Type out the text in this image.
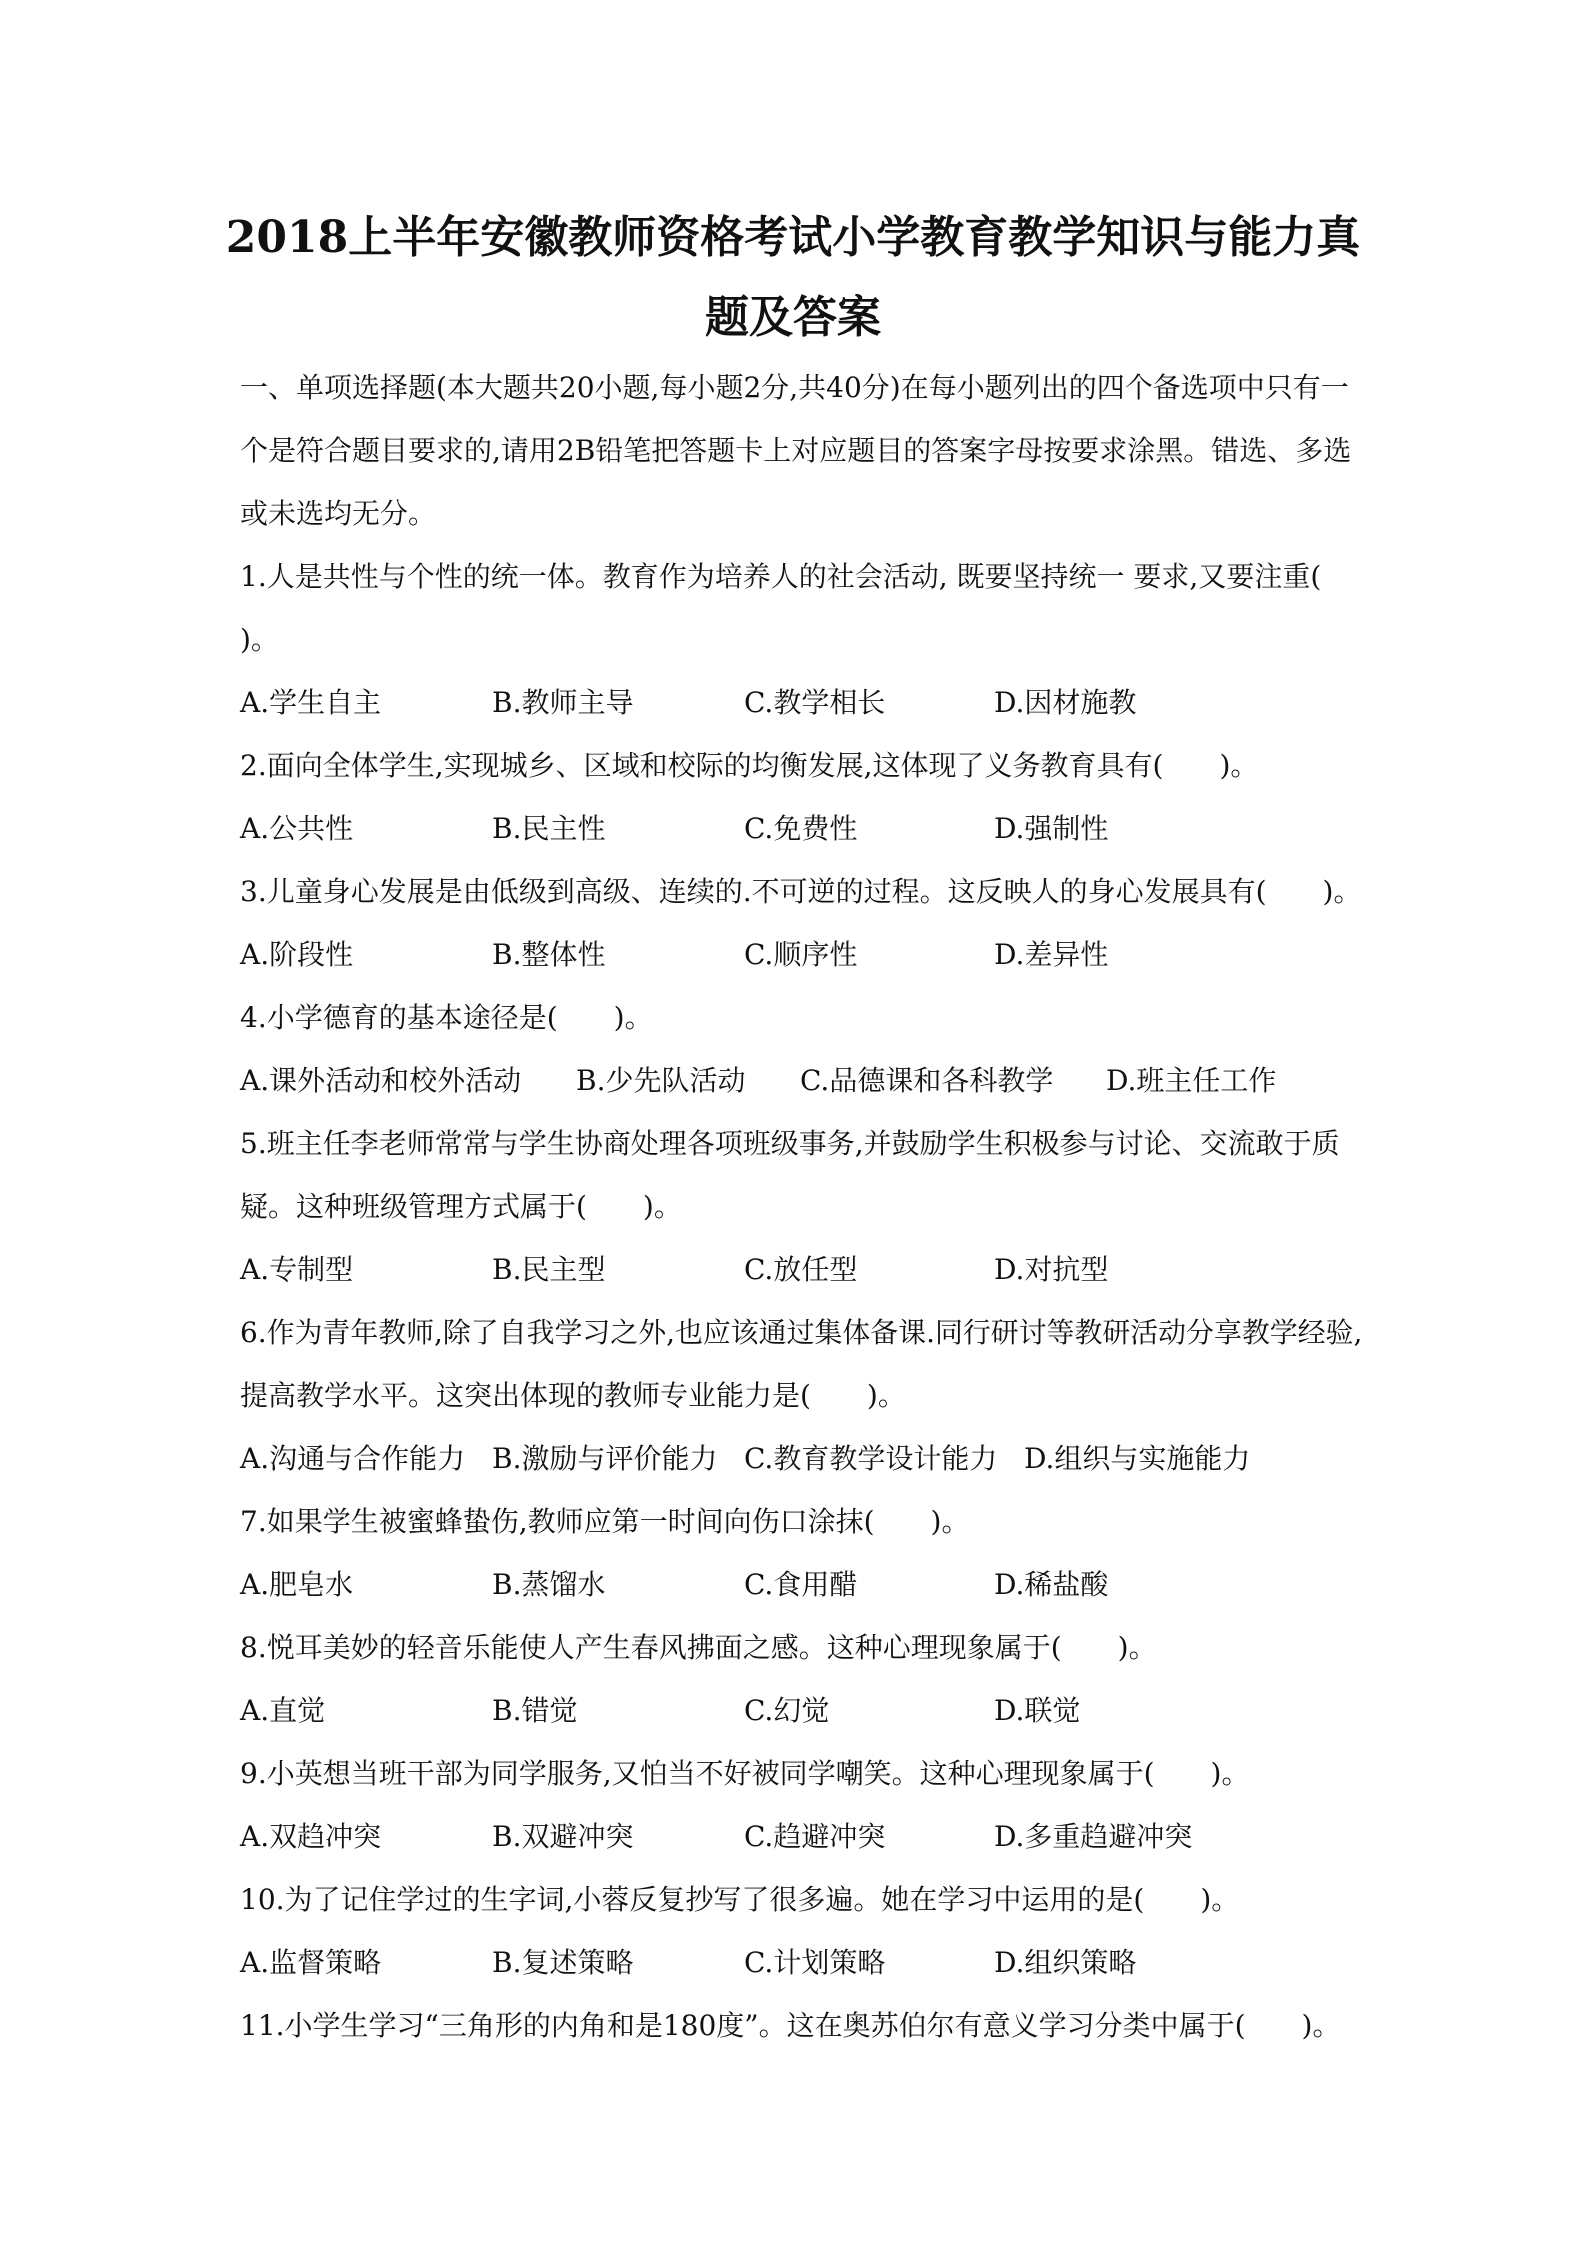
2018上半年安徽教师资格考试小学教育教学知识与能力真
题及答案
一、单项选择题(本大题共20小题,每小题2分,共40分)在每小题列出的四个备选项中只有一
个是符合题目要求的,请用2B铅笔把答题卡上对应题目的答案字母按要求涂黑。错选、多选
或未选均无分。
1.人是共性与个性的统一体。教育作为培养人的社会活动, 既要坚持统一 要求,又要注重(
)。
A.学生自主	B.教师主导	C.教学相长	D.因材施教
2.面向全体学生,实现城乡、区域和校际的均衡发展,这体现了义务教育具有(　　)。
A.公共性	B.民主性	C.免费性	D.强制性
3.儿童身心发展是由低级到高级、连续的.不可逆的过程。这反映人的身心发展具有(　　)。
A.阶段性	B.整体性	C.顺序性	D.差异性
4.小学德育的基本途径是(　　)。
A.课外活动和校外活动 B.少先队活动 C.品德课和各科教学 D.班主任工作
5.班主任李老师常常与学生协商处理各项班级事务,并鼓励学生积极参与讨论、交流敢于质
疑。这种班级管理方式属于(　　)。
A.专制型	B.民主型	C.放任型	D.对抗型
6.作为青年教师,除了自我学习之外,也应该通过集体备课.同行研讨等教研活动分享教学经验,
提高教学水平。这突出体现的教师专业能力是(　　)。
A.沟通与合作能力 B.激励与评价能力 C.教育教学设计能力 D.组织与实施能力
7.如果学生被蜜蜂蛰伤,教师应第一时间向伤口涂抹(　　)。
A.肥皂水	B.蒸馏水	C.食用醋	D.稀盐酸
8.悦耳美妙的轻音乐能使人产生春风拂面之感。这种心理现象属于(　　)。
A.直觉	B.错觉	C.幻觉	D.联觉
9.小英想当班干部为同学服务,又怕当不好被同学嘲笑。这种心理现象属于(　　)。
A.双趋冲突	B.双避冲突	C.趋避冲突	D.多重趋避冲突
10.为了记住学过的生字词,小蓉反复抄写了很多遍。她在学习中运用的是(　　)。
A.监督策略	B.复述策略	C.计划策略	D.组织策略
11.小学生学习“三角形的内角和是180度”。这在奥苏伯尔有意义学习分类中属于(　　)。
